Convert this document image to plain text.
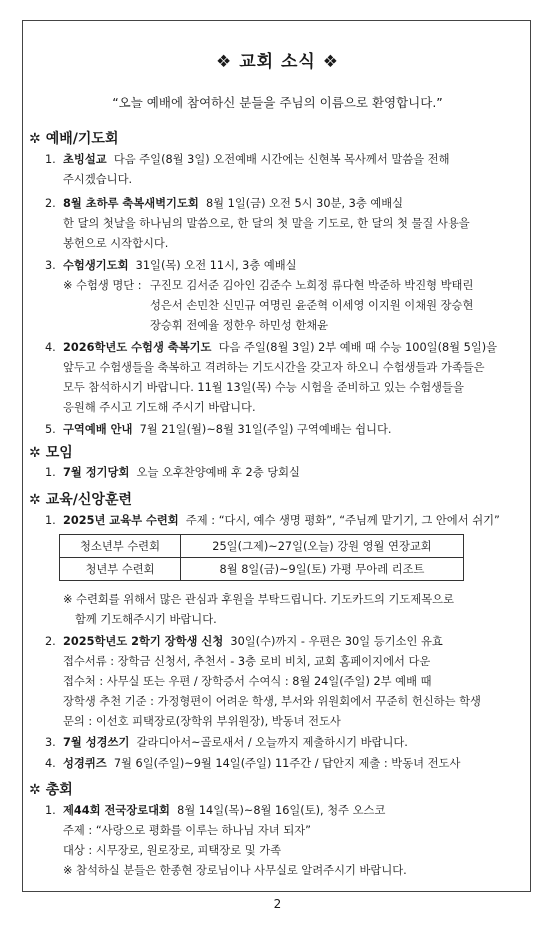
❖ 교회 소식 ❖
“오늘 예배에 참여하신 분들을 주님의 이름으로 환영합니다.”
✲ 예배/기도회
1. 초빙설교 다음 주일(8월 3일) 오전예배 시간에는 신현복 목사께서 말씀을 전해
주시겠습니다.
2. 8월 초하루 축복새벽기도회 8월 1일(금) 오전 5시 30분, 3층 예배실
한 달의 첫날을 하나님의 말씀으로, 한 달의 첫 말을 기도로, 한 달의 첫 물질 사용을
봉헌으로 시작합시다.
3. 수험생기도회 31일(목) 오전 11시, 3층 예배실
※ 수험생 명단 : 구진모 김서준 김아인 김준수 노희정 류다현 박준하 박진형 박태린
성은서 손민찬 신민규 여명린 윤준혁 이세영 이지원 이채원 장승현
장승휘 전예율 정한우 하민성 한채윤
4. 2026학년도 수험생 축복기도 다음 주일(8월 3일) 2부 예배 때 수능 100일(8월 5일)을
앞두고 수험생들을 축복하고 격려하는 기도시간을 갖고자 하오니 수험생들과 가족들은
모두 참석하시기 바랍니다. 11월 13일(목) 수능 시험을 준비하고 있는 수험생들을
응원해 주시고 기도해 주시기 바랍니다.
5. 구역예배 안내 7월 21일(월)~8월 31일(주일) 구역예배는 쉽니다.
✲ 모임
1. 7월 정기당회 오늘 오후찬양예배 후 2층 당회실
✲ 교육/신앙훈련
1. 2025년 교육부 수련회 주제 : “다시, 예수 생명 평화”, “주님께 맡기기, 그 안에서 쉬기”
청소년부 수련회	25일(그제)~27일(오늘) 강원 영월 연장교회
청년부 수련회	8월 8일(금)~9일(토) 가평 무아레 리조트
※ 수련회를 위해서 많은 관심과 후원을 부탁드립니다. 기도카드의 기도제목으로
함께 기도해주시기 바랍니다.
2. 2025학년도 2학기 장학생 신청 30일(수)까지 - 우편은 30일 등기소인 유효
접수서류 : 장학금 신청서, 추천서 - 3층 로비 비치, 교회 홈페이지에서 다운
접수처 : 사무실 또는 우편 / 장학증서 수여식 : 8월 24일(주일) 2부 예배 때
장학생 추천 기준 : 가정형편이 어려운 학생, 부서와 위원회에서 꾸준히 헌신하는 학생
문의 : 이선호 피택장로(장학위 부위원장), 박동녀 전도사
3. 7월 성경쓰기 갈라디아서~골로새서 / 오늘까지 제출하시기 바랍니다.
4. 성경퀴즈 7월 6일(주일)~9월 14일(주일) 11주간 / 답안지 제출 : 박동녀 전도사
✲ 총회
1. 제44회 전국장로대회 8월 14일(목)~8월 16일(토), 청주 오스코
주제 : “사랑으로 평화를 이루는 하나님 자녀 되자”
대상 : 시무장로, 원로장로, 피택장로 및 가족
※ 참석하실 분들은 한종현 장로님이나 사무실로 알려주시기 바랍니다.
2
